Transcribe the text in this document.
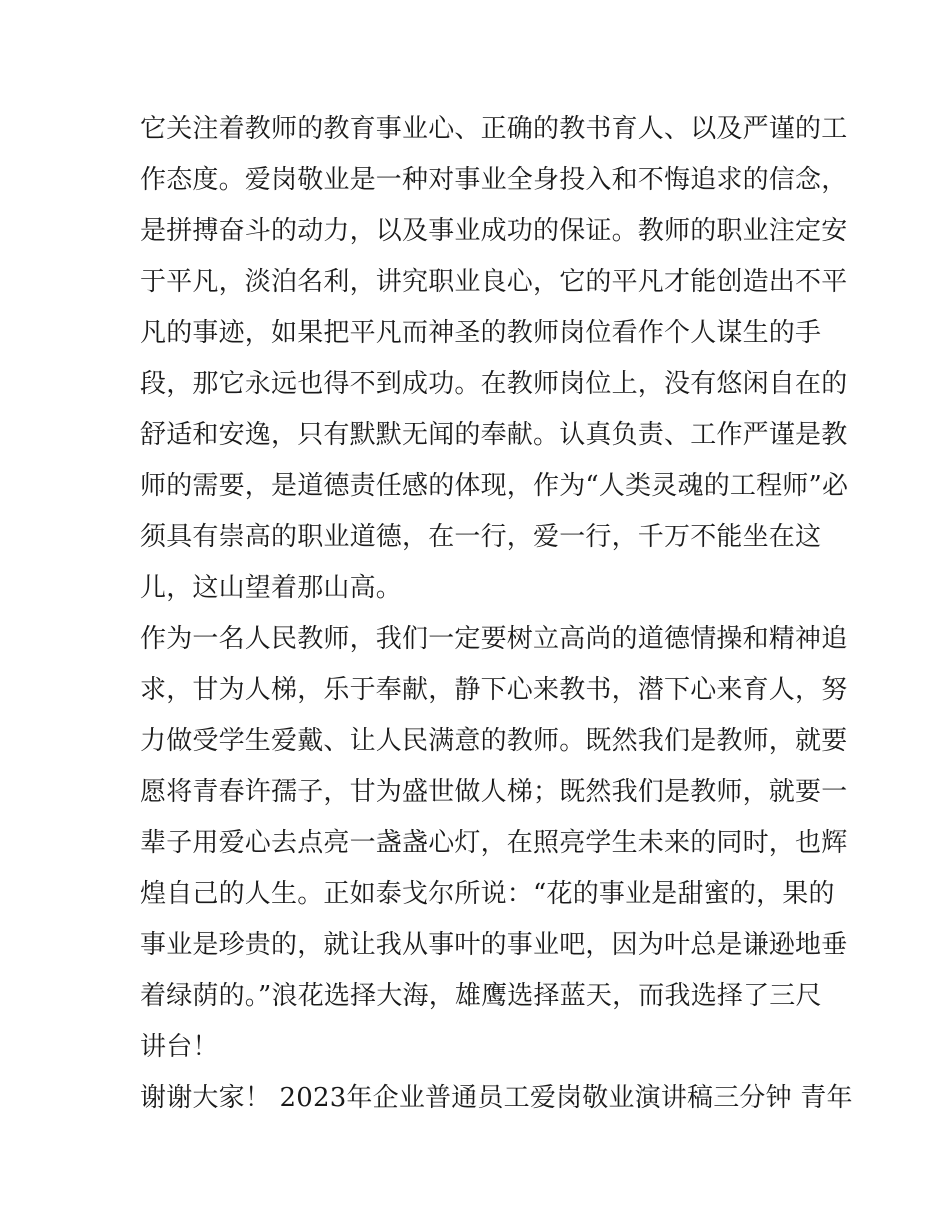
它关注着教师的教育事业心、正确的教书育人、以及严谨的工
作态度。爱岗敬业是一种对事业全身投入和不悔追求的信念，
是拼搏奋斗的动力，以及事业成功的保证。教师的职业注定安
于平凡，淡泊名利，讲究职业良心，它的平凡才能创造出不平
凡的事迹，如果把平凡而神圣的教师岗位看作个人谋生的手
段，那它永远也得不到成功。在教师岗位上，没有悠闲自在的
舒适和安逸，只有默默无闻的奉献。认真负责、工作严谨是教
师的需要，是道德责任感的体现，作为“人类灵魂的工程师”必
须具有崇高的职业道德，在一行，爱一行，千万不能坐在这
儿，这山望着那山高。
作为一名人民教师，我们一定要树立高尚的道德情操和精神追
求，甘为人梯，乐于奉献，静下心来教书，潜下心来育人，努
力做受学生爱戴、让人民满意的教师。既然我们是教师，就要
愿将青春许孺子，甘为盛世做人梯；既然我们是教师，就要一
辈子用爱心去点亮一盏盏心灯，在照亮学生未来的同时，也辉
煌自己的人生。正如泰戈尔所说：“花的事业是甜蜜的，果的
事业是珍贵的，就让我从事叶的事业吧，因为叶总是谦逊地垂
着绿荫的。”浪花选择大海，雄鹰选择蓝天，而我选择了三尺
讲台！
谢谢大家！ 2023年企业普通员工爱岗敬业演讲稿三分钟 青年
